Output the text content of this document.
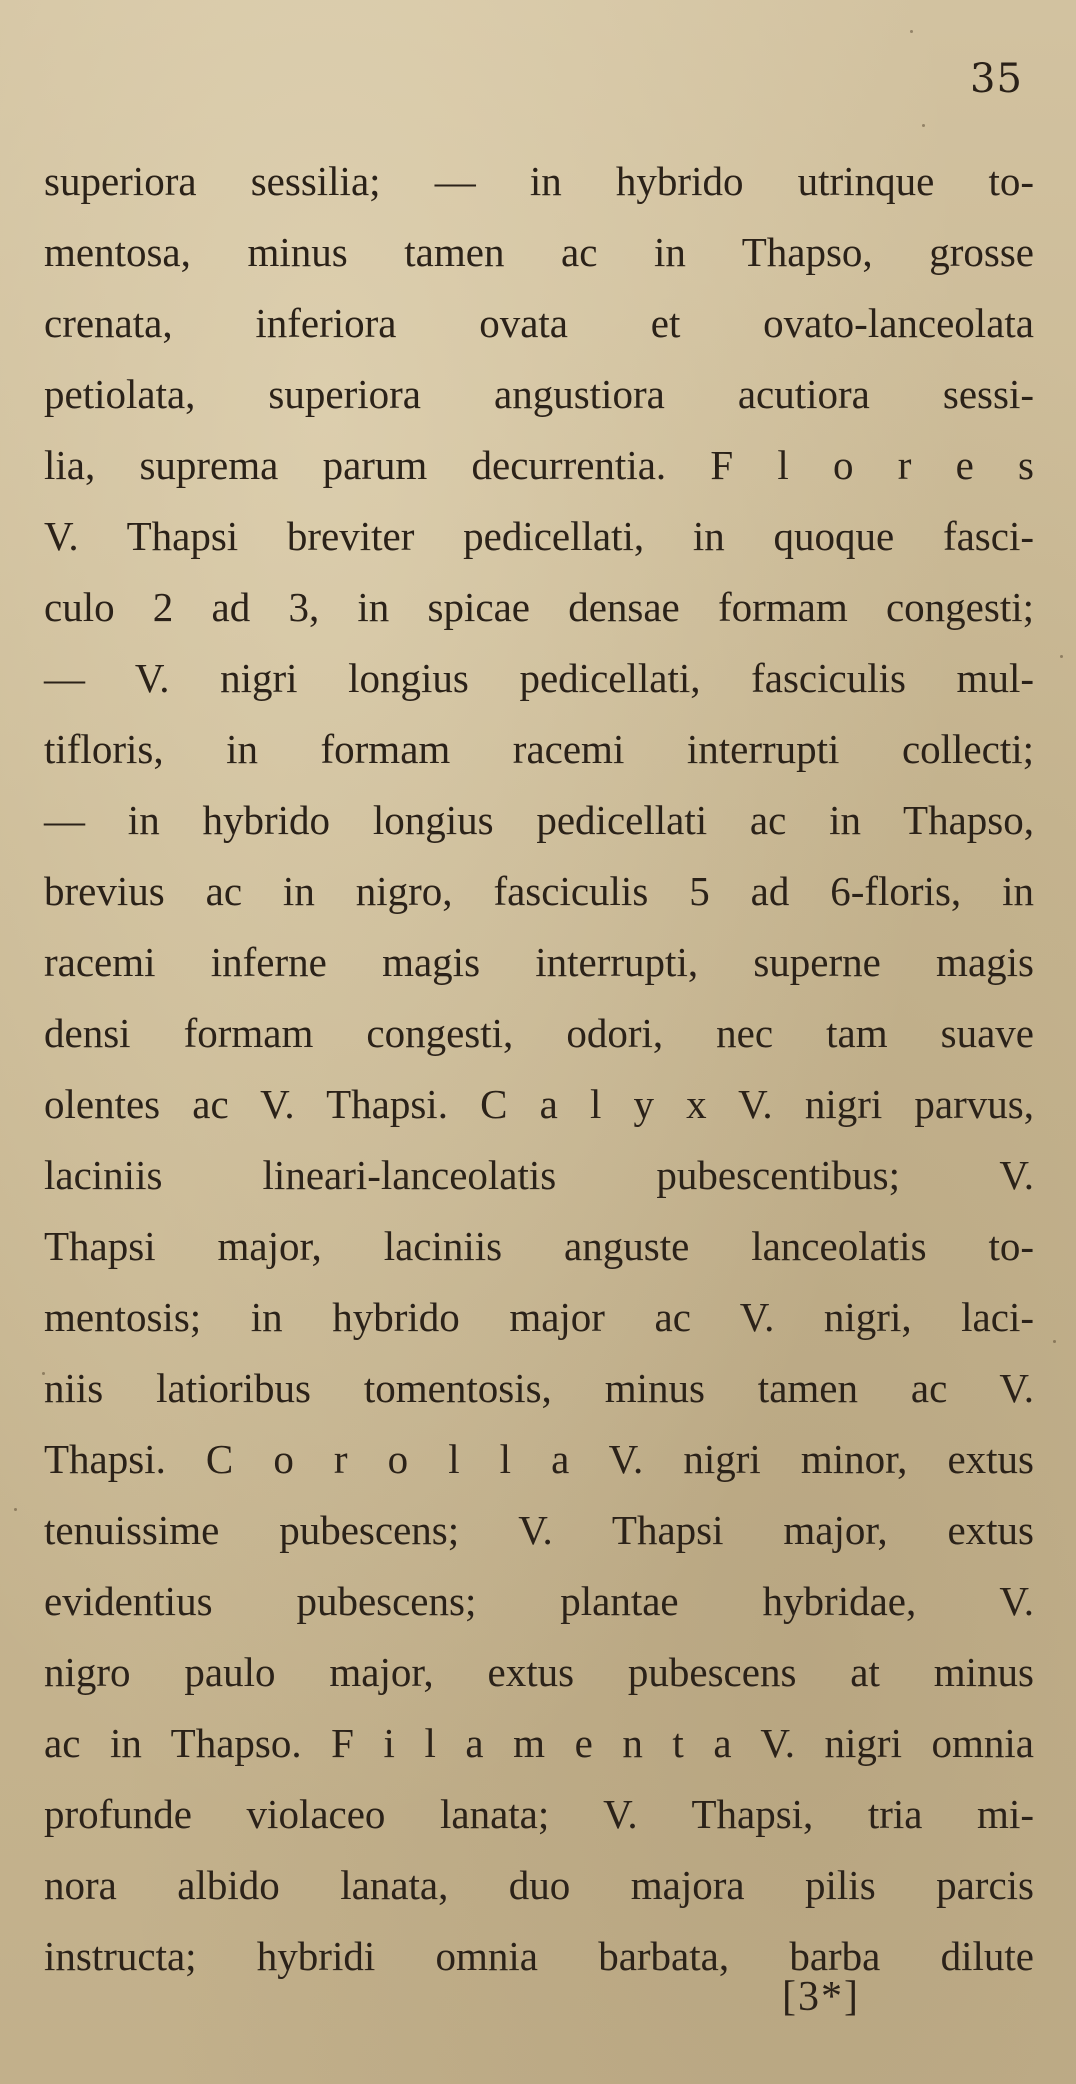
35
superiora sessilia; — in hybrido utrinque to-
mentosa, minus tamen ac in Thapso, grosse
crenata, inferiora ovata et ovato-lanceolata
petiolata, superiora angustiora acutiora sessi-
lia, suprema parum decurrentia. F l o r e s
V. Thapsi breviter pedicellati, in quoque fasci-
culo 2 ad 3, in spicae densae formam congesti;
— V. nigri longius pedicellati, fasciculis mul-
tifloris, in formam racemi interrupti collecti;
— in hybrido longius pedicellati ac in Thapso,
brevius ac in nigro, fasciculis 5 ad 6-floris, in
racemi inferne magis interrupti, superne magis
densi formam congesti, odori, nec tam suave
olentes ac V. Thapsi. C a l y x V. nigri parvus,
laciniis lineari-lanceolatis pubescentibus; V.
Thapsi major, laciniis anguste lanceolatis to-
mentosis; in hybrido major ac V. nigri, laci-
niis latioribus tomentosis, minus tamen ac V.
Thapsi. C o r o l l a V. nigri minor, extus
tenuissime pubescens; V. Thapsi major, extus
evidentius pubescens; plantae hybridae, V.
nigro paulo major, extus pubescens at minus
ac in Thapso. F i l a m e n t a V. nigri omnia
profunde violaceo lanata; V. Thapsi, tria mi-
nora albido lanata, duo majora pilis parcis
instructa; hybridi omnia barbata, barba dilute
[3*]
